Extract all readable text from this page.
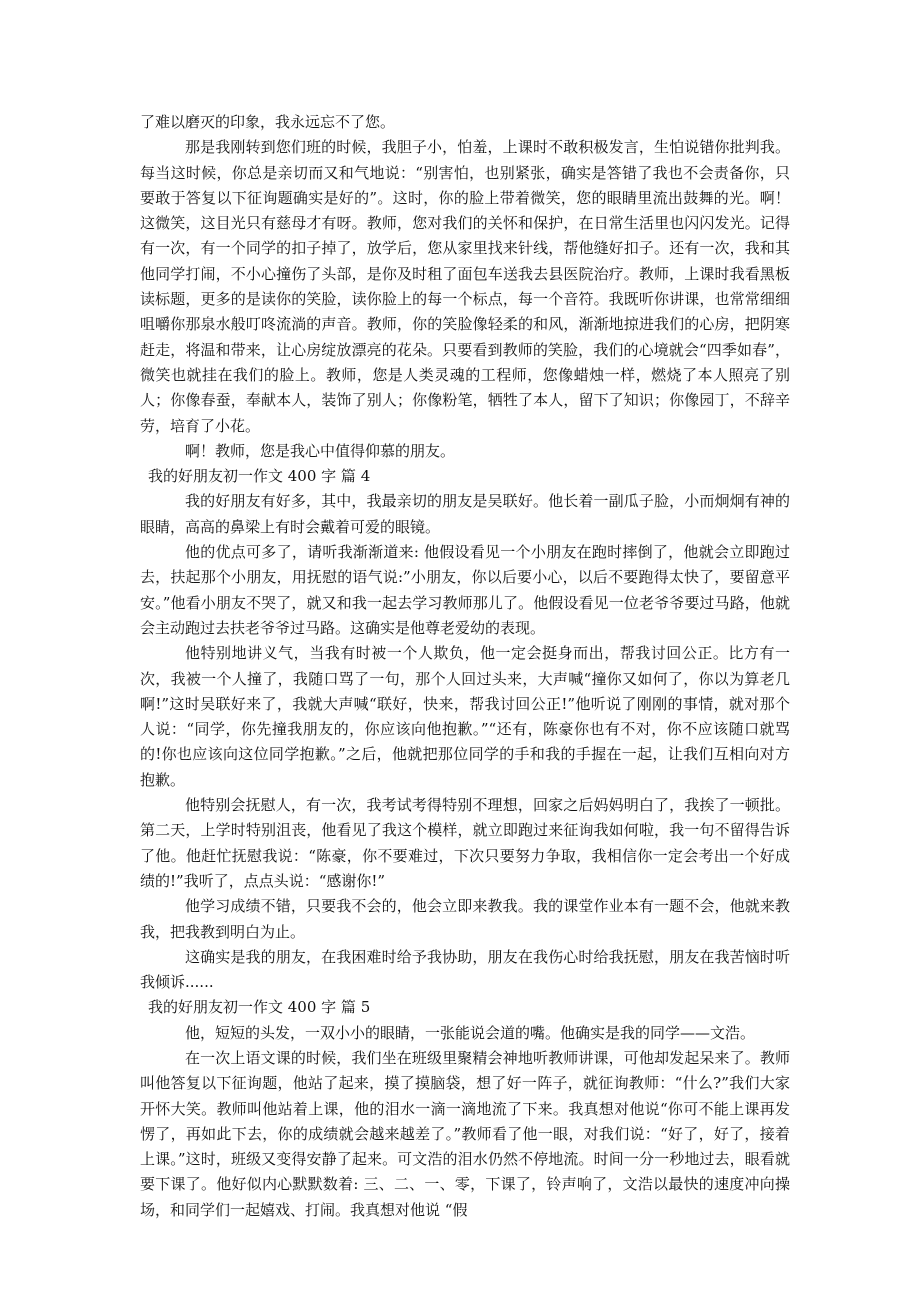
了难以磨灭的印象，我永远忘不了您。

那是我刚转到您们班的时候，我胆子小，怕羞，上课时不敢积极发言，生怕说错你批判我。每当这时候，你总是亲切而又和气地说：“别害怕，也别紧张，确实是答错了我也不会责备你，只要敢于答复以下征询题确实是好的”。这时，你的脸上带着微笑，您的眼睛里流出鼓舞的光。啊！这微笑，这目光只有慈母才有呀。教师，您对我们的关怀和保护，在日常生活里也闪闪发光。记得有一次，有一个同学的扣子掉了，放学后，您从家里找来针线，帮他缝好扣子。还有一次，我和其他同学打闹，不小心撞伤了头部，是你及时租了面包车送我去县医院治疗。教师，上课时我看黑板读标题，更多的是读你的笑脸，读你脸上的每一个标点，每一个音符。我既听你讲课，也常常细细咀嚼你那泉水般叮咚流淌的声音。教师，你的笑脸像轻柔的和风，渐渐地掠进我们的心房，把阴寒赶走，将温和带来，让心房绽放漂亮的花朵。只要看到教师的笑脸，我们的心境就会“四季如春”，微笑也就挂在我们的脸上。教师，您是人类灵魂的工程师，您像蜡烛一样，燃烧了本人照亮了别人；你像春蚕，奉献本人，装饰了别人；你像粉笔，牺牲了本人，留下了知识；你像园丁，不辞辛劳，培育了小花。

啊！教师，您是我心中值得仰慕的朋友。

我的好朋友初一作文 400 字 篇 4

我的好朋友有好多，其中，我最亲切的朋友是吴联好。他长着一副瓜子脸，小而炯炯有神的眼睛，高高的鼻梁上有时会戴着可爱的眼镜。

他的优点可多了，请听我渐渐道来: 他假设看见一个小朋友在跑时摔倒了，他就会立即跑过去，扶起那个小朋友，用抚慰的语气说:”小朋友，你以后要小心，以后不要跑得太快了，要留意平安。”他看小朋友不哭了，就又和我一起去学习教师那儿了。他假设看见一位老爷爷要过马路，他就会主动跑过去扶老爷爷过马路。这确实是他尊老爱幼的表现。

他特别地讲义气，当我有时被一个人欺负，他一定会挺身而出，帮我讨回公正。比方有一次，我被一个人撞了，我随口骂了一句，那个人回过头来，大声喊“撞你又如何了，你以为算老几啊!”这时吴联好来了，我就大声喊“联好，快来，帮我讨回公正!”他听说了刚刚的事情，就对那个人说：“同学，你先撞我朋友的，你应该向他抱歉。”“还有，陈豪你也有不对，你不应该随口就骂的!你也应该向这位同学抱歉。”之后，他就把那位同学的手和我的手握在一起，让我们互相向对方抱歉。

他特别会抚慰人，有一次，我考试考得特别不理想，回家之后妈妈明白了，我挨了一顿批。第二天，上学时特别沮丧，他看见了我这个模样，就立即跑过来征询我如何啦，我一句不留得告诉了他。他赶忙抚慰我说：“陈豪，你不要难过，下次只要努力争取，我相信你一定会考出一个好成绩的!”我听了，点点头说：“感谢你!”

他学习成绩不错，只要我不会的，他会立即来教我。我的课堂作业本有一题不会，他就来教我，把我教到明白为止。

这确实是我的朋友，在我困难时给予我协助，朋友在我伤心时给我抚慰，朋友在我苦恼时听我倾诉......

我的好朋友初一作文 400 字 篇 5

他，短短的头发，一双小小的眼睛，一张能说会道的嘴。他确实是我的同学——文浩。

在一次上语文课的时候，我们坐在班级里聚精会神地听教师讲课，可他却发起呆来了。教师叫他答复以下征询题，他站了起来，摸了摸脑袋，想了好一阵子，就征询教师：“什么?”我们大家开怀大笑。教师叫他站着上课，他的泪水一滴一滴地流了下来。我真想对他说“你可不能上课再发愣了，再如此下去，你的成绩就会越来越差了。”教师看了他一眼，对我们说：“好了，好了，接着上课。”这时，班级又变得安静了起来。可文浩的泪水仍然不停地流。时间一分一秒地过去，眼看就要下课了。他好似内心默默数着: 三、二、一、零，下课了，铃声响了，文浩以最快的速度冲向操场，和同学们一起嬉戏、打闹。我真想对他说 “假
